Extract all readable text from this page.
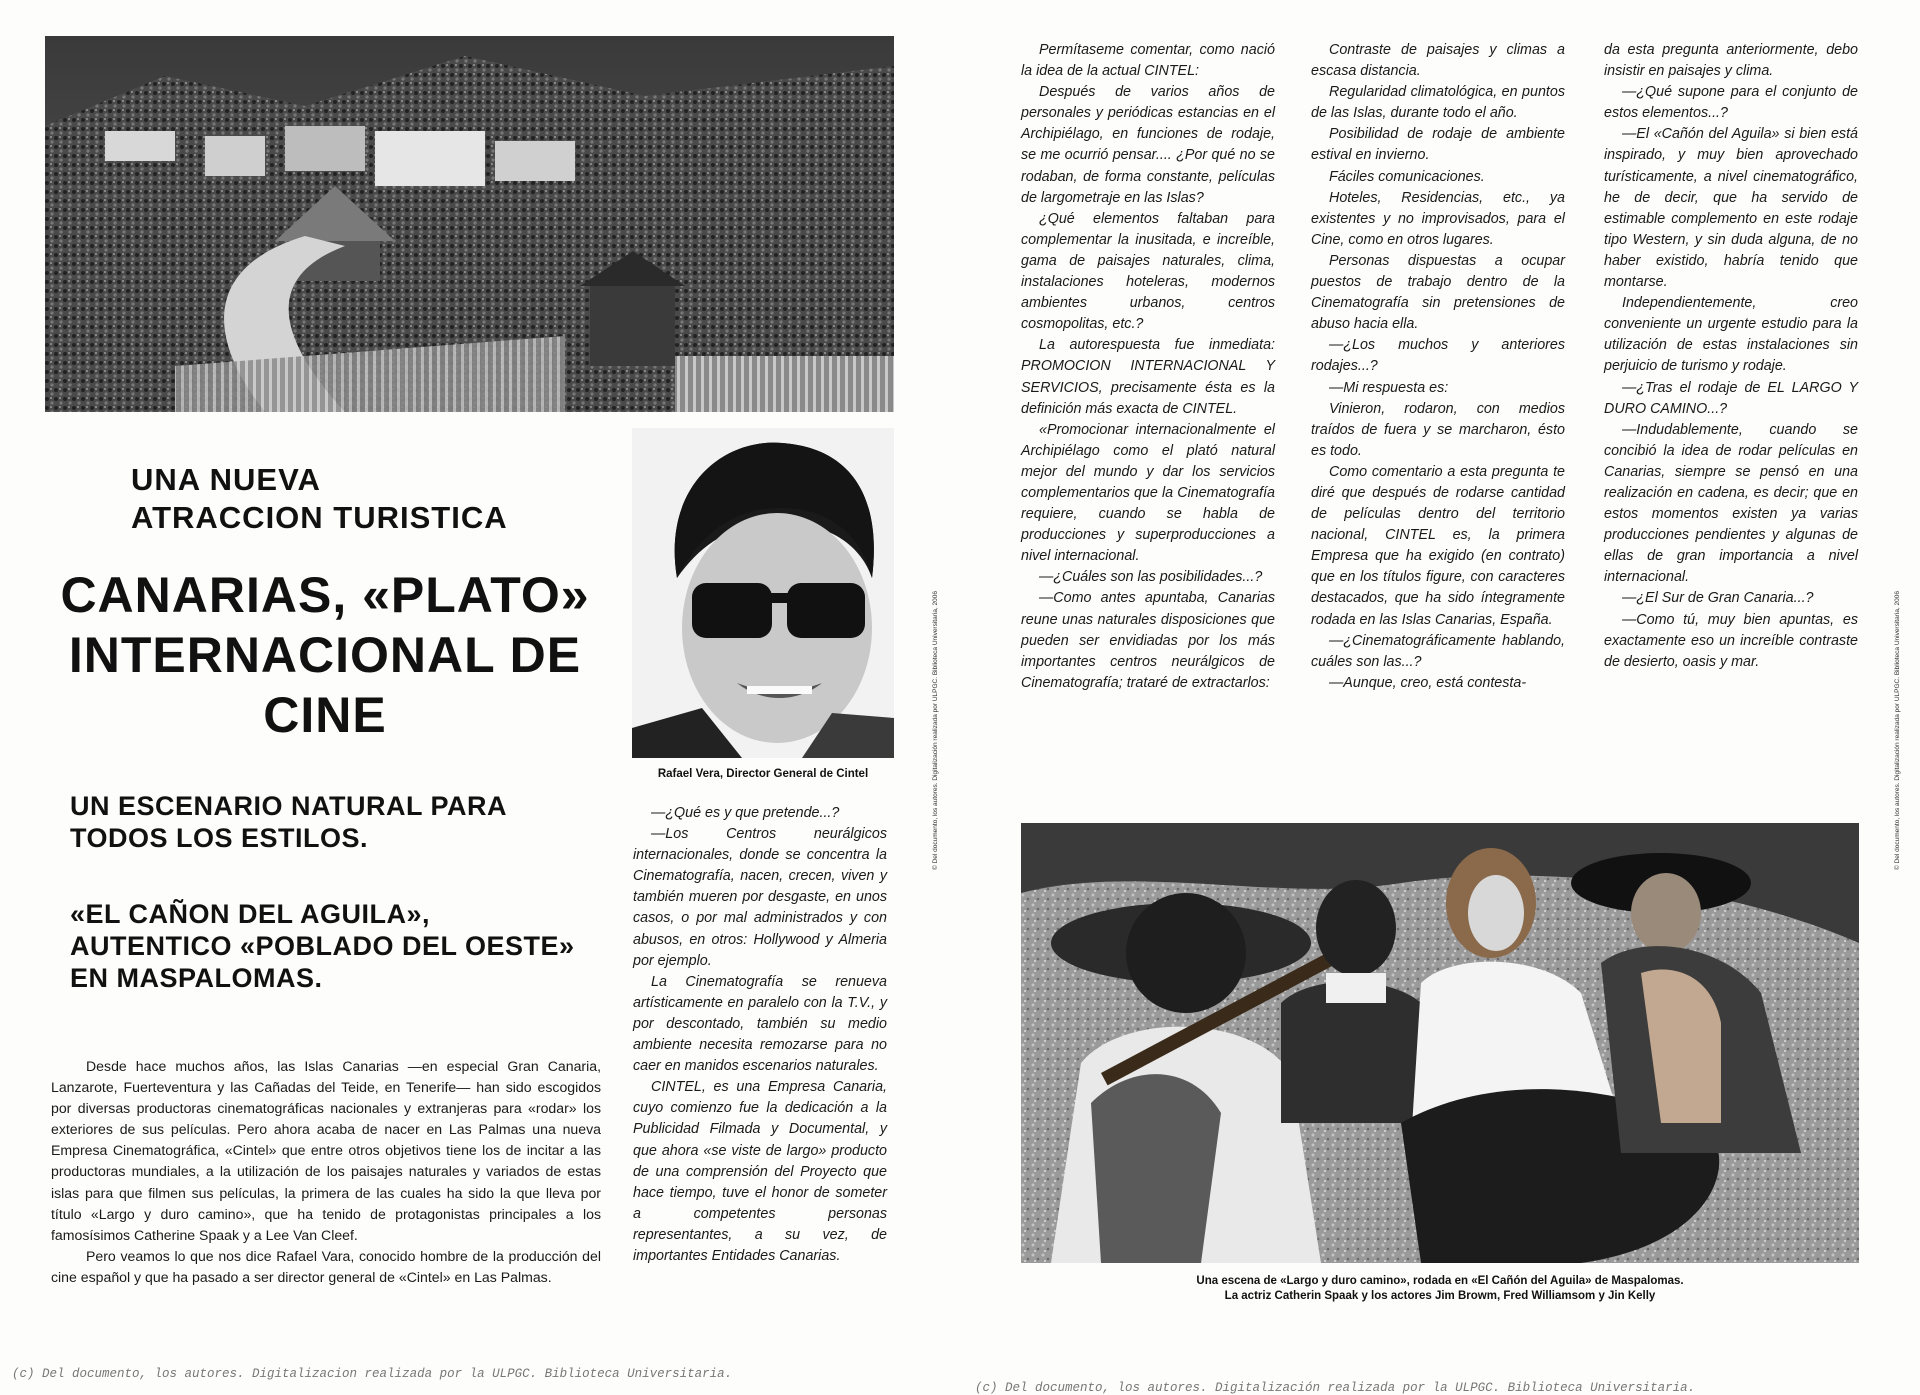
Rafael Vera, Director General de Cintel
UNA NUEVA
ATRACCION TURISTICA
CANARIAS, «PLATO»
INTERNACIONAL DE
CINE
UN ESCENARIO NATURAL PARA
TODOS LOS ESTILOS.
«EL CAÑON DEL AGUILA»,
AUTENTICO «POBLADO DEL OESTE»
EN MASPALOMAS.

Desde hace muchos años, las Islas Canarias —en especial Gran Canaria, Lanzarote, Fuerteventura y las Cañadas del Teide, en Tenerife— han sido escogidos por diversas productoras cinematográficas nacionales y extranjeras para «rodar» los exteriores de sus películas. Pero ahora acaba de nacer en Las Palmas una nueva Empresa Cinematográfica, «Cintel» que entre otros objetivos tiene los de incitar a las productoras mundiales, a la utilización de los paisajes naturales y variados de estas islas para que filmen sus películas, la primera de las cuales ha sido la que lleva por título «Largo y duro camino», que ha tenido de protagonistas principales a los famosísimos Catherine Spaak y a Lee Van Cleef.

Pero veamos lo que nos dice Rafael Vara, conocido hombre de la producción del cine español y que ha pasado a ser director general de «Cintel» en Las Palmas.

—¿Qué es y que pretende...?

—Los Centros neurálgicos internacionales, donde se concentra la Cinematografía, nacen, crecen, viven y también mueren por desgaste, en unos casos, o por mal administrados y con abusos, en otros: Hollywood y Almeria por ejemplo.

La Cinematografía se renueva artísticamente en paralelo con la T.V., y por descontado, también su medio ambiente necesita remozarse para no caer en manidos escenarios naturales.

CINTEL, es una Empresa Canaria, cuyo comienzo fue la dedicación a la Publicidad Filmada y Documental, y que ahora «se viste de largo» producto de una comprensión del Proyecto que hace tiempo, tuve el honor de someter a competentes personas representantes, a su vez, de importantes Entidades Canarias.

© Del documento, los autores. Digitalización realizada por ULPGC. Biblioteca Universitaria, 2006	© Del documento, los autores. Digitalización realizada por ULPGC. Biblioteca Universitaria, 2006

Permítaseme comentar, como nació la idea de la actual CINTEL:

Después de varios años de personales y periódicas estancias en el Archipiélago, en funciones de rodaje, se me ocurrió pensar.... ¿Por qué no se rodaban, de forma constante, películas de largometraje en las Islas?

¿Qué elementos faltaban para complementar la inusitada, e increíble, gama de paisajes naturales, clima, instalaciones hoteleras, modernos ambientes urbanos, centros cosmopolitas, etc.?

La autorespuesta fue inmediata: PROMOCION INTERNACIONAL Y SERVICIOS, precisamente ésta es la definición más exacta de CINTEL.

«Promocionar internacionalmente el Archipiélago como el plató natural mejor del mundo y dar los servicios complementarios que la Cinematografía requiere, cuando se habla de producciones y superproducciones a nivel internacional.

—¿Cuáles son las posibilidades...?

—Como antes apuntaba, Canarias reune unas naturales disposiciones que pueden ser envidiadas por los más importantes centros neurálgicos de Cinematografía; trataré de extractarlos:

Contraste de paisajes y climas a escasa distancia.

Regularidad climatológica, en puntos de las Islas, durante todo el año.

Posibilidad de rodaje de ambiente estival en invierno.

Fáciles comunicaciones.

Hoteles, Residencias, etc., ya existentes y no improvisados, para el Cine, como en otros lugares.

Personas dispuestas a ocupar puestos de trabajo dentro de la Cinematografía sin pretensiones de abuso hacia ella.

—¿Los muchos y anteriores rodajes...?

—Mi respuesta es:

Vinieron, rodaron, con medios traídos de fuera y se marcharon, ésto es todo.

Como comentario a esta pregunta te diré que después de rodarse cantidad de películas dentro del territorio nacional, CINTEL es, la primera Empresa que ha exigido (en contrato) que en los títulos figure, con caracteres destacados, que ha sido íntegramente rodada en las Islas Canarias, España.

—¿Cinematográficamente hablando, cuáles son las...?

—Aunque, creo, está contesta-

da esta pregunta anteriormente, debo insistir en paisajes y clima.

—¿Qué supone para el conjunto de estos elementos...?

—El «Cañón del Aguila» si bien está inspirado, y muy bien aprovechado turísticamente, a nivel cinematográfico, he de decir, que ha servido de estimable complemento en este rodaje tipo Western, y sin duda alguna, de no haber existido, habría tenido que montarse.

Independientemente, creo conveniente un urgente estudio para la utilización de estas instalaciones sin perjuicio de turismo y rodaje.

—¿Tras el rodaje de EL LARGO Y DURO CAMINO...?

—Indudablemente, cuando se concibió la idea de rodar películas en Canarias, siempre se pensó en una realización en cadena, es decir; que en estos momentos existen ya varias producciones pendientes y algunas de ellas de gran importancia a nivel internacional.

—¿El Sur de Gran Canaria...?

—Como tú, muy bien apuntas, es exactamente eso un increíble contraste de desierto, oasis y mar.

Una escena de «Largo y duro camino», rodada en «El Cañón del Aguila» de Maspalomas.
La actriz Catherin Spaak y los actores Jim Browm, Fred Williamsom y Jin Kelly
(c) Del documento, los autores. Digitalizacion realizada por la ULPGC. Biblioteca Universitaria.
(c) Del documento, los autores. Digitalización realizada por la ULPGC. Biblioteca Universitaria.
